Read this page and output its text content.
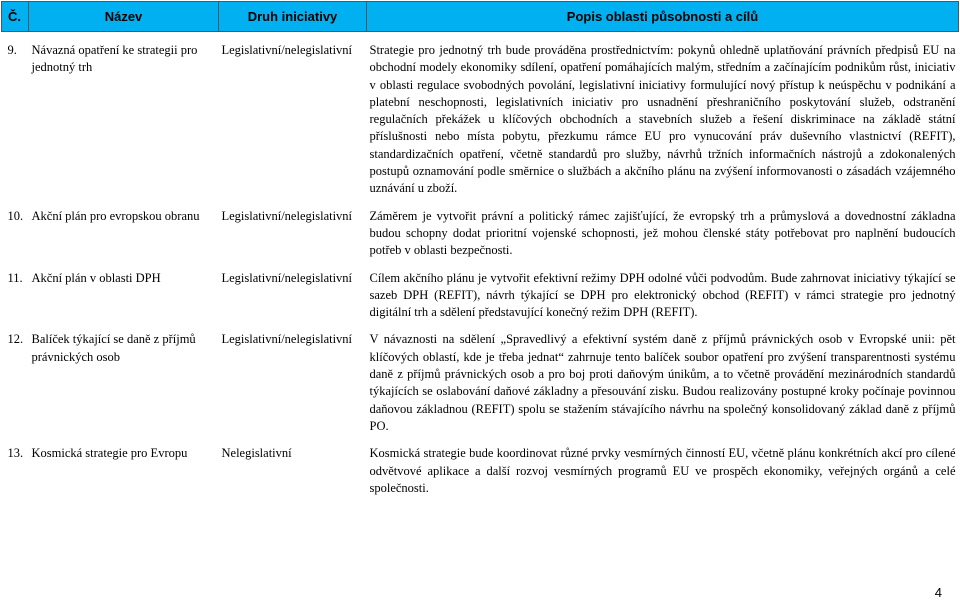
Č.	Název	Druh iniciativy	Popis oblasti působnosti a cílů

9.	Návazná opatření ke strategii pro jednotný trh	Legislativní/nelegislativní	Strategie pro jednotný trh bude prováděna prostřednictvím: pokynů ohledně uplatňování právních předpisů EU na obchodní modely ekonomiky sdílení, opatření pomáhajících malým, středním a začínajícím podnikům růst, iniciativ v oblasti regulace svobodných povolání, legislativní iniciativy formulující nový přístup k neúspěchu v podnikání a platební neschopnosti, legislativních iniciativ pro usnadnění přeshraničního poskytování služeb, odstranění regulačních překážek u klíčových obchodních a stavebních služeb a řešení diskriminace na základě státní příslušnosti nebo místa pobytu, přezkumu rámce EU pro vynucování práv duševního vlastnictví (REFIT), standardizačních opatření, včetně standardů pro služby, návrhů tržních informačních nástrojů a zdokonalených postupů oznamování podle směrnice o službách a akčního plánu na zvýšení informovanosti o zásadách vzájemného uznávání u zboží.

10.	Akční plán pro evropskou obranu	Legislativní/nelegislativní	Záměrem je vytvořit právní a politický rámec zajišťující, že evropský trh a průmyslová a dovednostní základna budou schopny dodat prioritní vojenské schopnosti, jež mohou členské státy potřebovat pro naplnění budoucích potřeb v oblasti bezpečnosti.

11.	Akční plán v oblasti DPH	Legislativní/nelegislativní	Cílem akčního plánu je vytvořit efektivní režimy DPH odolné vůči podvodům. Bude zahrnovat iniciativy týkající se sazeb DPH (REFIT), návrh týkající se DPH pro elektronický obchod (REFIT) v rámci strategie pro jednotný digitální trh a sdělení představující konečný režim DPH (REFIT).

12.	Balíček týkající se daně z příjmů právnických osob	Legislativní/nelegislativní	V návaznosti na sdělení „Spravedlivý a efektivní systém daně z příjmů právnických osob v Evropské unii: pět klíčových oblastí, kde je třeba jednat“ zahrnuje tento balíček soubor opatření pro zvýšení transparentnosti systému daně z příjmů právnických osob a pro boj proti daňovým únikům, a to včetně provádění mezinárodních standardů týkajících se oslabování daňové základny a přesouvání zisku. Budou realizovány postupné kroky počínaje povinnou daňovou základnou (REFIT) spolu se stažením stávajícího návrhu na společný konsolidovaný základ daně z příjmů PO.

13.	Kosmická strategie pro Evropu	Nelegislativní	Kosmická strategie bude koordinovat různé prvky vesmírných činností EU, včetně plánu konkrétních akcí pro cílené odvětvové aplikace a další rozvoj vesmírných programů EU ve prospěch ekonomiky, veřejných orgánů a celé společnosti.
4
